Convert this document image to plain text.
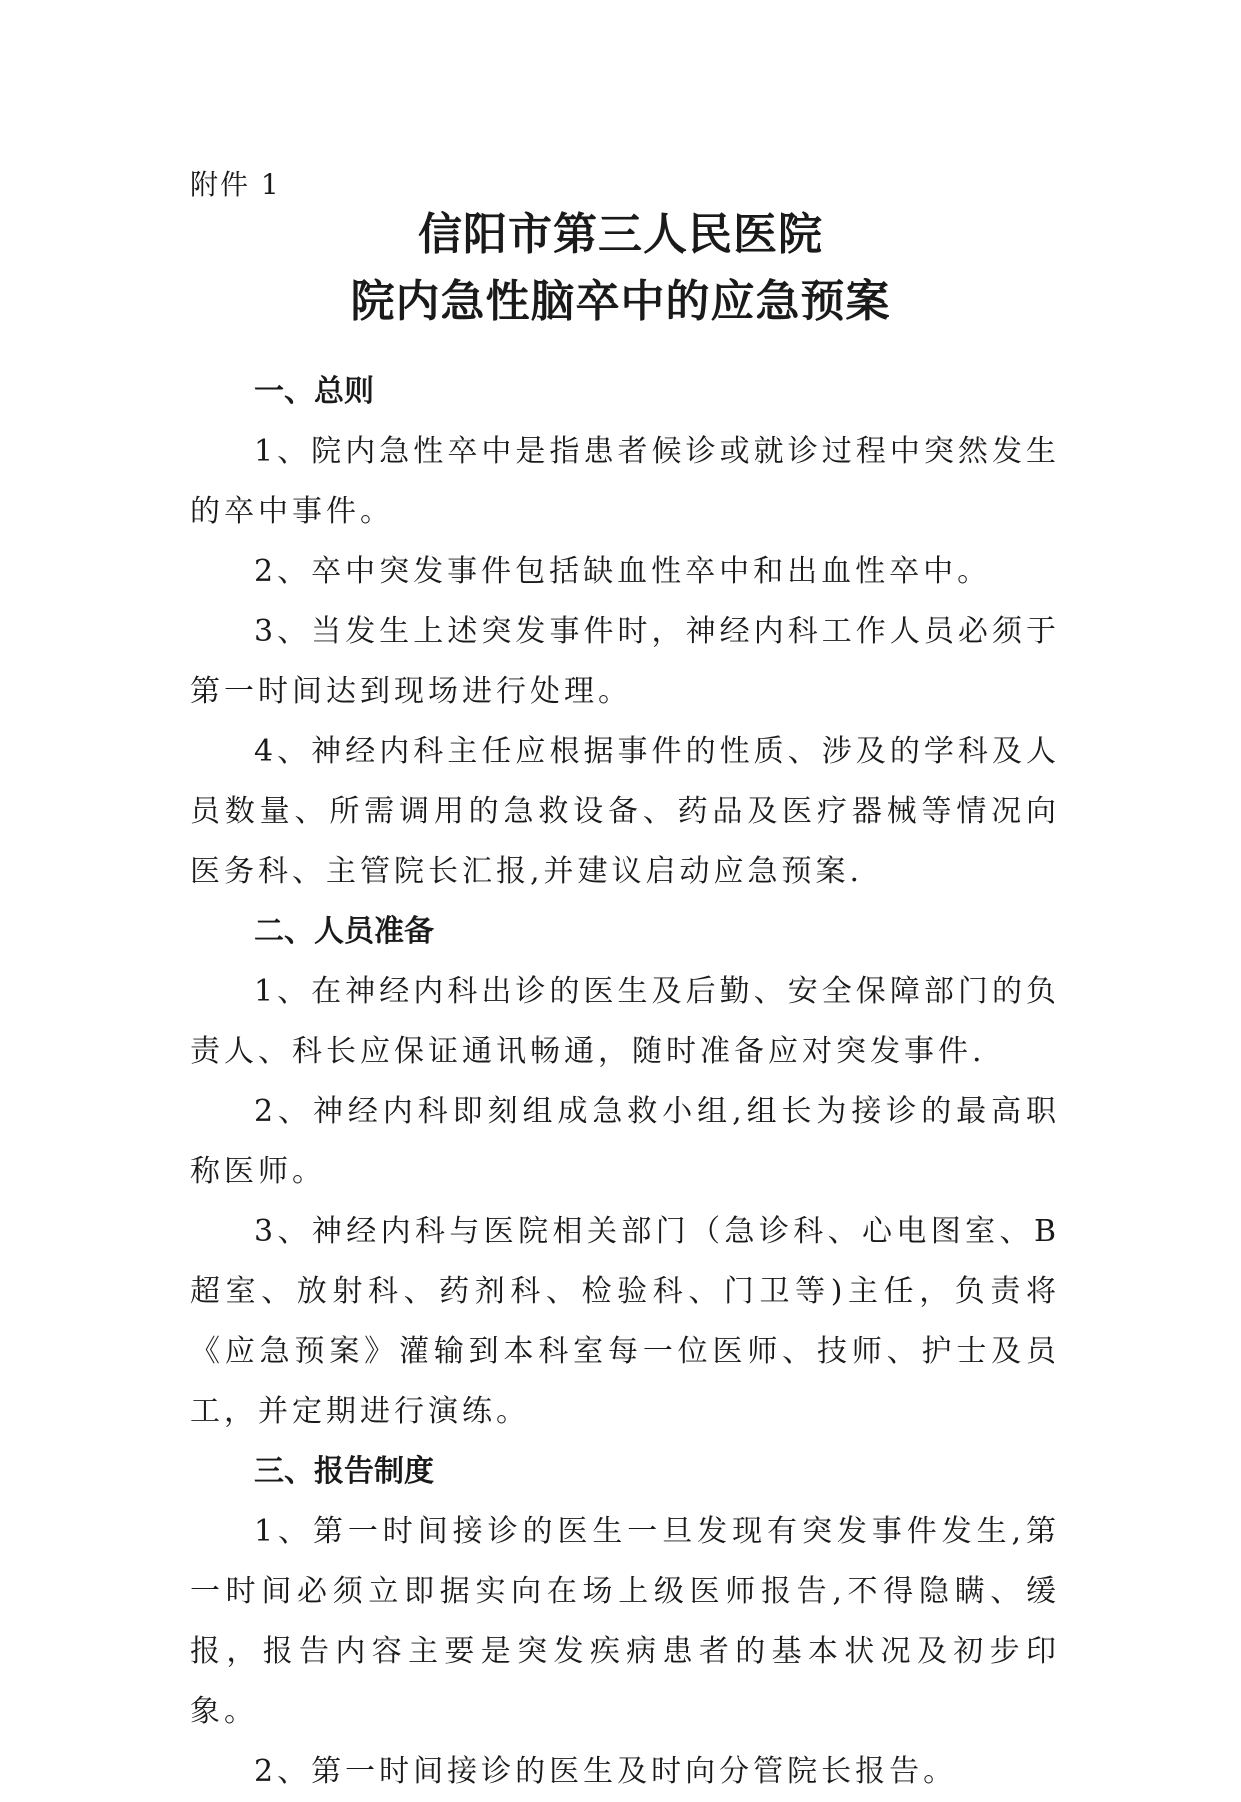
附件 1
信阳市第三人民医院
院内急性脑卒中的应急预案
一、总则

1、院内急性卒中是指患者候诊或就诊过程中突然发生的卒中事件。

2、卒中突发事件包括缺血性卒中和出血性卒中。

3、当发生上述突发事件时，神经内科工作人员必须于第一时间达到现场进行处理。

4、神经内科主任应根据事件的性质、涉及的学科及人员数量、所需调用的急救设备、药品及医疗器械等情况向医务科、主管院长汇报,并建议启动应急预案.

二、人员准备

1、在神经内科出诊的医生及后勤、安全保障部门的负责人、科长应保证通讯畅通，随时准备应对突发事件.

2、神经内科即刻组成急救小组,组长为接诊的最高职称医师。

3、神经内科与医院相关部门（急诊科、心电图室、B超室、放射科、药剂科、检验科、门卫等)主任，负责将《应急预案》灌输到本科室每一位医师、技师、护士及员工，并定期进行演练。

三、报告制度

1、第一时间接诊的医生一旦发现有突发事件发生,第一时间必须立即据实向在场上级医师报告,不得隐瞒、缓报，报告内容主要是突发疾病患者的基本状况及初步印象。

2、第一时间接诊的医生及时向分管院长报告。
